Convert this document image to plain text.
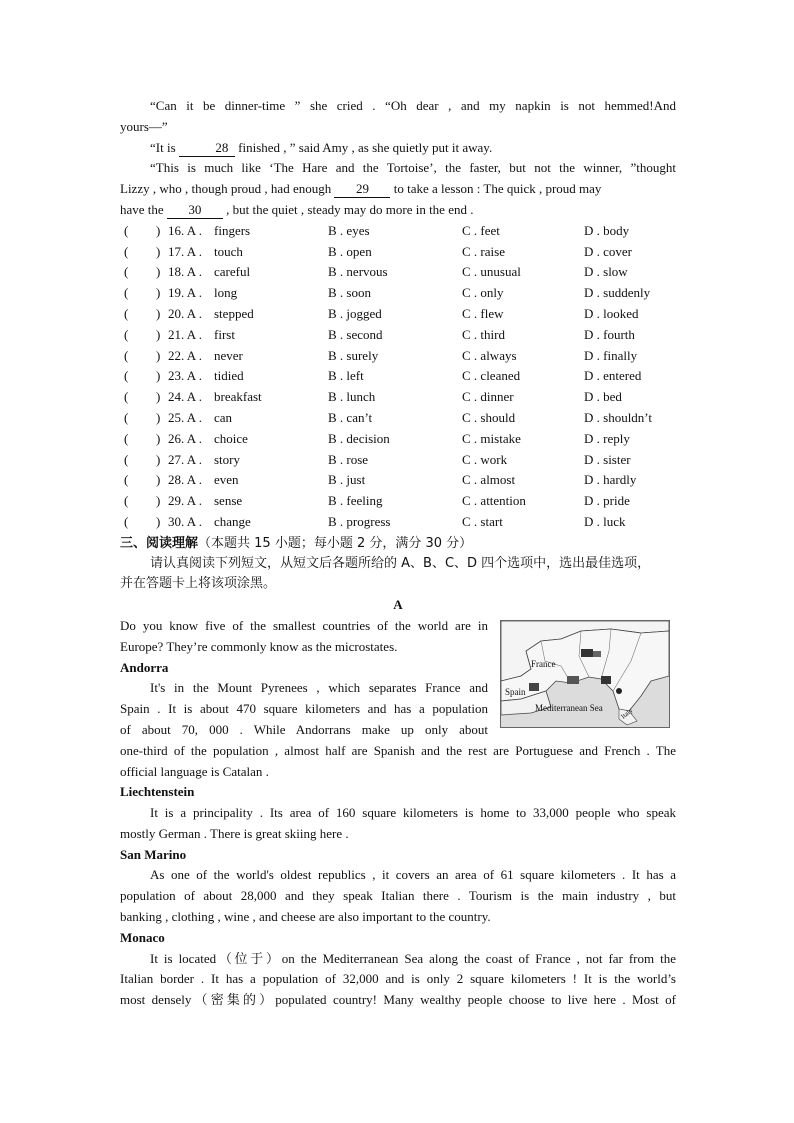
“Can it be dinner-time ” she cried . “Oh dear , and my napkin is not hemmed!And
yours—”
“It is	28 finished , ” said Amy , as she quietly put it away.
“This is much like ‘The Hare and the Tortoise’, the faster, but not the winner, ”thought
Lizzy , who , though proud , had enough 29 to take a lesson : The quick , proud may
have the 30 , but the quiet , steady may do more in the end .
( ) 16. A . fingers	B . eyes	C . feet	D . body
( ) 17. A . touch	B . open	C . raise	D . cover
( ) 18. A . careful	B . nervous	C . unusual	D . slow
( ) 19. A . long	B . soon	C . only	D . suddenly
( ) 20. A . stepped	B . jogged	C . flew	D . looked
( ) 21. A . first	B . second	C . third	D . fourth
( ) 22. A . never	B . surely	C . always	D . finally
( ) 23. A . tidied	B . left	C . cleaned	D . entered
( ) 24. A . breakfast	B . lunch	C . dinner	D . bed
( ) 25. A . can	B . can’t	C . should	D . shouldn’t
( ) 26. A . choice	B . decision	C . mistake	D . reply
( ) 27. A . story	B . rose	C . work	D . sister
( ) 28. A . even	B . just	C . almost	D . hardly
( ) 29. A . sense	B . feeling	C . attention	D . pride
( ) 30. A . change	B . progress	C . start	D . luck
三、阅读理解（本题共 15 小题；每小题 2 分，满分 30 分）
请认真阅读下列短文，从短文后各题所给的 A、B、C、D 四个选项中，选出最佳选项，
并在答题卡上将该项涂黑。
A
Do you know five of the smallest countries of the world are in
Europe? They’re commonly know as the microstates.
Andorra
It's in the Mount Pyrenees , which separates France and
Spain . It is about 470 square kilometers and has a population
of about 70, 000 . While Andorrans make up only about
one-third of the population , almost half are Spanish and the rest are Portuguese and French . The
official language is Catalan .
Liechtenstein
It is a principality . Its area of 160 square kilometers is home to 33,000 people who speak
mostly German . There is great skiing here .
San Marino
As one of the world's oldest republics , it covers an area of 61 square kilometers . It has a
population of about 28,000 and they speak Italian there . Tourism is the main industry , but
banking , clothing , wine , and cheese are also important to the country.
Monaco
It is located（位于）on the Mediterranean Sea along the coast of France , not far from the
Italian border . It has a population of 32,000 and is only 2 square kilometers ! It is the world’s
most densely（密集的）populated country! Many wealthy people choose to live here . Most of
France
Spain
Mediterranean Sea Italy
